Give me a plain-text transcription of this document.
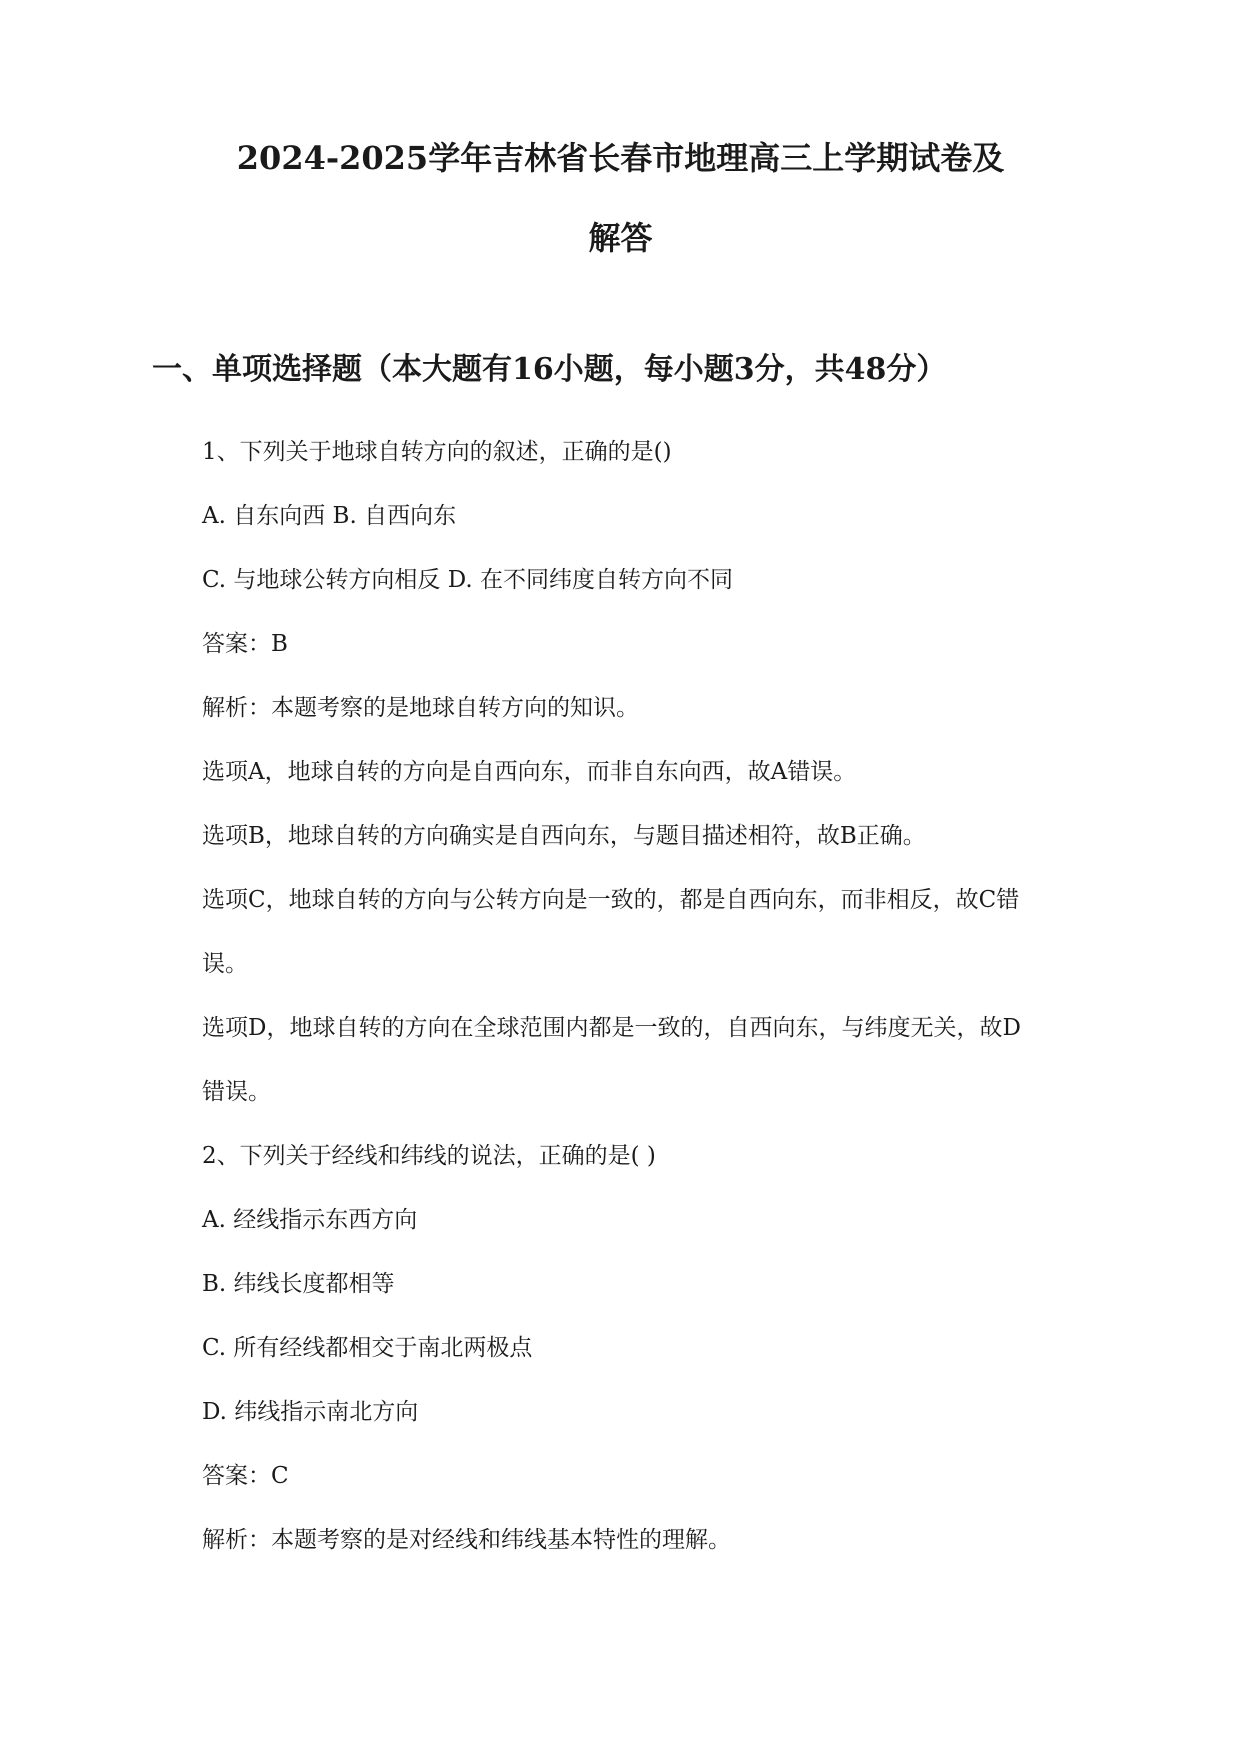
2024-2025学年吉林省长春市地理高三上学期试卷及
解答
一、单项选择题（本大题有16小题，每小题3分，共48分）
1、下列关于地球自转方向的叙述，正确的是()
A. 自东向西 B. 自西向东
C. 与地球公转方向相反 D. 在不同纬度自转方向不同
答案：B
解析：本题考察的是地球自转方向的知识。
选项A，地球自转的方向是自西向东，而非自东向西，故A错误。
选项B，地球自转的方向确实是自西向东，与题目描述相符，故B正确。
选项C，地球自转的方向与公转方向是一致的，都是自西向东，而非相反，故C错
误。
选项D，地球自转的方向在全球范围内都是一致的，自西向东，与纬度无关，故D
错误。
2、下列关于经线和纬线的说法，正确的是( )
A. 经线指示东西方向
B. 纬线长度都相等
C. 所有经线都相交于南北两极点
D. 纬线指示南北方向
答案：C
解析：本题考察的是对经线和纬线基本特性的理解。
